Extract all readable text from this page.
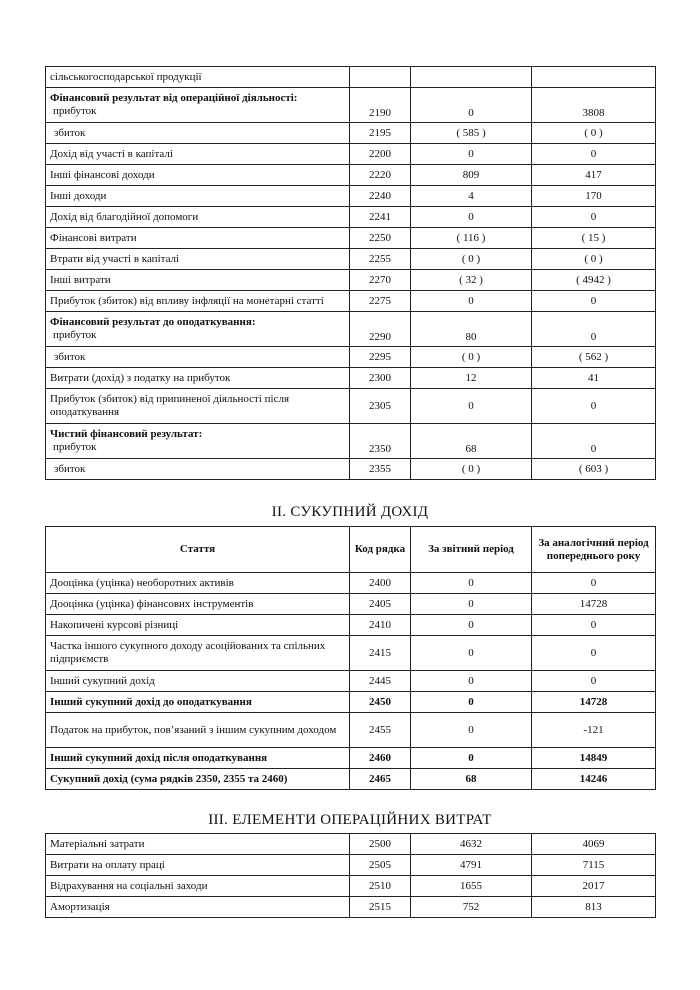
сільськогосподарської продукції			

Фінансовий результат від операційної діяльності:
прибуток	2190	0	3808
збиток	2195	( 585 )	( 0 )
Дохід від участі в капіталі	2200	0	0
Інші фінансові доходи	2220	809	417
Інші доходи	2240	4	170
Дохід від благодійної допомоги	2241	0	0
Фінансові витрати	2250	( 116 )	( 15 )
Втрати від участі в капіталі	2255	( 0 )	( 0 )
Інші витрати	2270	( 32 )	( 4942 )
Прибуток (збиток) від впливу інфляції на монетарні статті	2275	0	0

Фінансовий результат до оподаткування:
прибуток	2290	80	0
збиток	2295	( 0 )	( 562 )
Витрати (дохід) з податку на прибуток	2300	12	41
Прибуток (збиток) від припиненої діяльності після оподаткування	2305	0	0

Чистий фінансовий результат:
прибуток	2350	68	0
збиток	2355	( 0 )	( 603 )
ІІ. СУКУПНИЙ ДОХІД
Стаття	Код рядка	За звітний період	За аналогічний період попереднього року
Дооцінка (уцінка) необоротних активів	2400	0	0
Дооцінка (уцінка) фінансових інструментів	2405	0	14728
Накопичені курсові різниці	2410	0	0
Частка іншого сукупного доходу асоційованих та спільних підприємств	2415	0	0
Інший сукупний дохід	2445	0	0
Інший сукупний дохід до оподаткування	2450	0	14728
Податок на прибуток, пов’язаний з іншим сукупним доходом	2455	0	-121
Інший сукупний дохід після оподаткування	2460	0	14849
Сукупний дохід (сума рядків 2350, 2355 та 2460)	2465	68	14246
ІІІ. ЕЛЕМЕНТИ ОПЕРАЦІЙНИХ ВИТРАТ
Матеріальні затрати	2500	4632	4069
Витрати на оплату праці	2505	4791	7115
Відрахування на соціальні заходи	2510	1655	2017
Амортизація	2515	752	813
